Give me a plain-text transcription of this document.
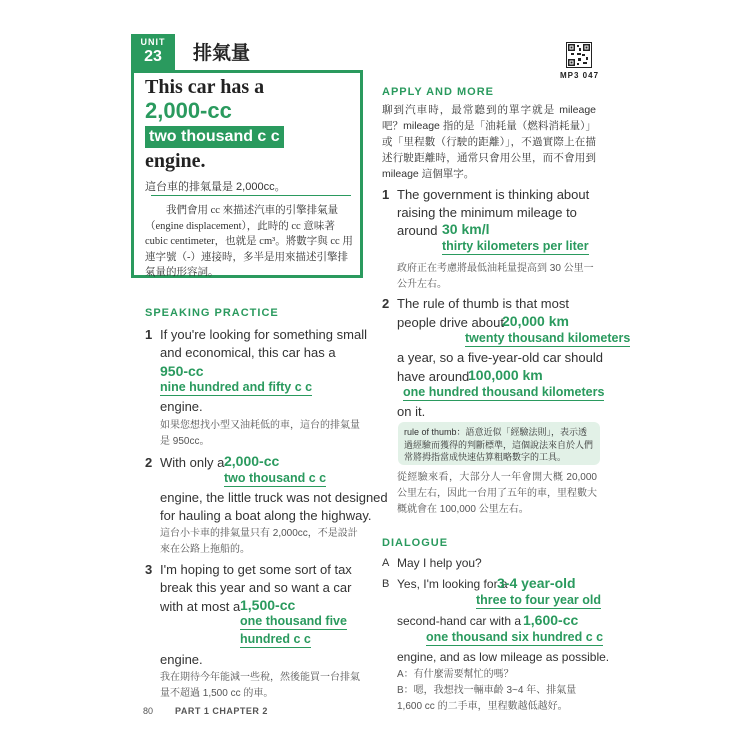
UNIT
23	排氣量
This car has a
2,000-cc
two thousand c c
engine.
這台車的排氣量是 2,000cc。
我們會用 cc 來描述汽車的引擎排氣量（engine displacement），此時的 cc 意味著 cubic centimeter，也就是 cm³。將數字與 cc 用連字號（-）連接時，多半是用來描述引擎排氣量的形容詞。
SPEAKING PRACTICE
1 If you're looking for something small
and economical, this car has a
950-cc
nine hundred and fifty c c
engine.
如果您想找小型又油耗低的車，這台的排氣量是 950cc。
2 With only a 2,000-cc
two thousand c c
engine, the little truck was not designed
for hauling a boat along the highway.
這台小卡車的排氣量只有 2,000cc，不是設計來在公路上拖船的。
3 I'm hoping to get some sort of tax
break this year and so want a car
with at most a 1,500-cc
one thousand five
hundred c c
engine.
我在期待今年能減一些稅，然後能買一台排氣量不超過 1,500 cc 的車。
MP3 047
APPLY AND MORE
聊到汽車時，最常聽到的單字就是 mileage 吧？mileage 指的是「油耗量（燃料消耗量）」或「里程數（行駛的距離）」，不過實際上在描述行駛距離時，通常只會用公里，而不會用到 mileage 這個單字。
1 The government is thinking about
raising the minimum mileage to
around 30 km/l
thirty kilometers per liter
政府正在考慮將最低油耗量提高到 30 公里一公升左右。
2 The rule of thumb is that most
people drive about
20,000 km
twenty thousand kilometers
a year, so a five-year-old car should
have around
100,000 km
one hundred thousand kilometers
on it.
rule of thumb：語意近似「經驗法則」，表示透過經驗而獲得的判斷標準，這個說法來自於人們常將拇指當成快速估算粗略數字的工具。
從經驗來看，大部分人一年會開大概 20,000 公里左右，因此一台用了五年的車，里程數大概就會在 100,000 公里左右。
DIALOGUE
A May I help you?
B Yes, I'm looking for a
3-4 year-old
three to four year old
second-hand car with a 1,600-cc
one thousand six hundred c c
engine, and as low mileage as possible.
A：有什麼需要幫忙的嗎？
B：嗯，我想找一輛車齡 3~4 年、排氣量 1,600 cc 的二手車，里程數越低越好。
80 PART 1 CHAPTER 2
